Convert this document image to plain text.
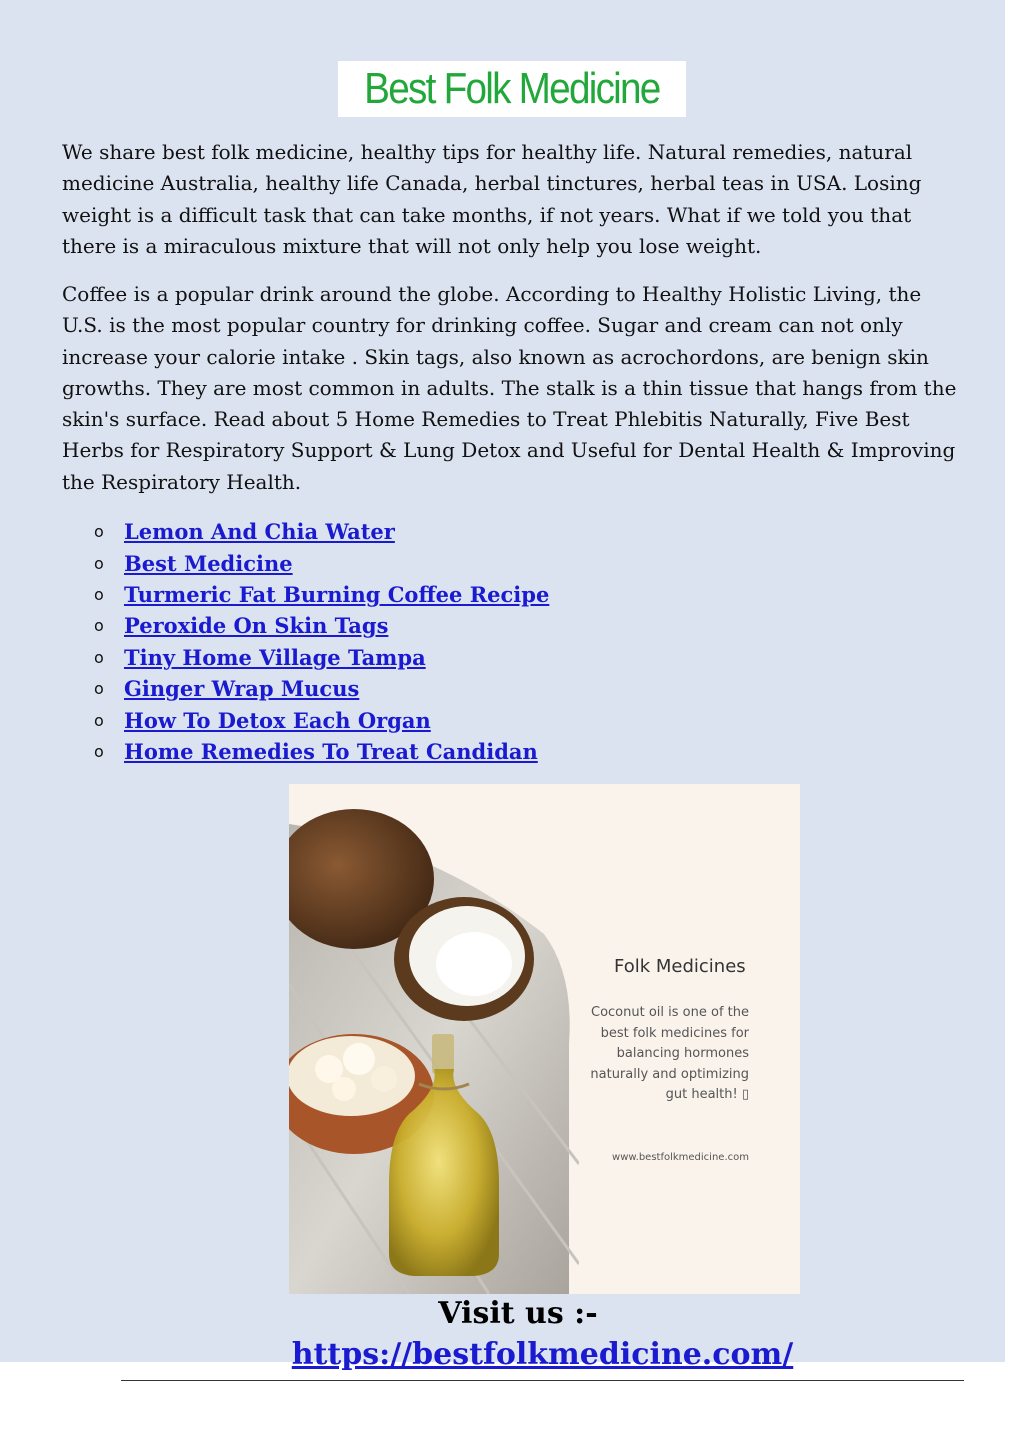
Best Folk Medicine

We share best folk medicine, healthy tips for healthy life. Natural remedies, natural medicine Australia, healthy life Canada, herbal tinctures, herbal teas in USA. Losing weight is a difficult task that can take months, if not years. What if we told you that there is a miraculous mixture that will not only help you lose weight.

Coffee is a popular drink around the globe. According to Healthy Holistic Living, the U.S. is the most popular country for drinking coffee. Sugar and cream can not only increase your calorie intake . Skin tags, also known as acrochordons, are benign skin growths. They are most common in adults. The stalk is a thin tissue that hangs from the skin's surface. Read about 5 Home Remedies to Treat Phlebitis Naturally, Five Best Herbs for Respiratory Support & Lung Detox and Useful for Dental Health & Improving the Respiratory Health.

o Lemon And Chia Water
o Best Medicine
o Turmeric Fat Burning Coffee Recipe
o Peroxide On Skin Tags
o Tiny Home Village Tampa
o Ginger Wrap Mucus
o How To Detox Each Organ
o Home Remedies To Treat Candidan
Folk Medicines
Coconut oil is one of the best folk medicines for balancing hormones naturally and optimizing gut health! ▯
www.bestfolkmedicine.com
Visit us :-
https://bestfolkmedicine.com/
